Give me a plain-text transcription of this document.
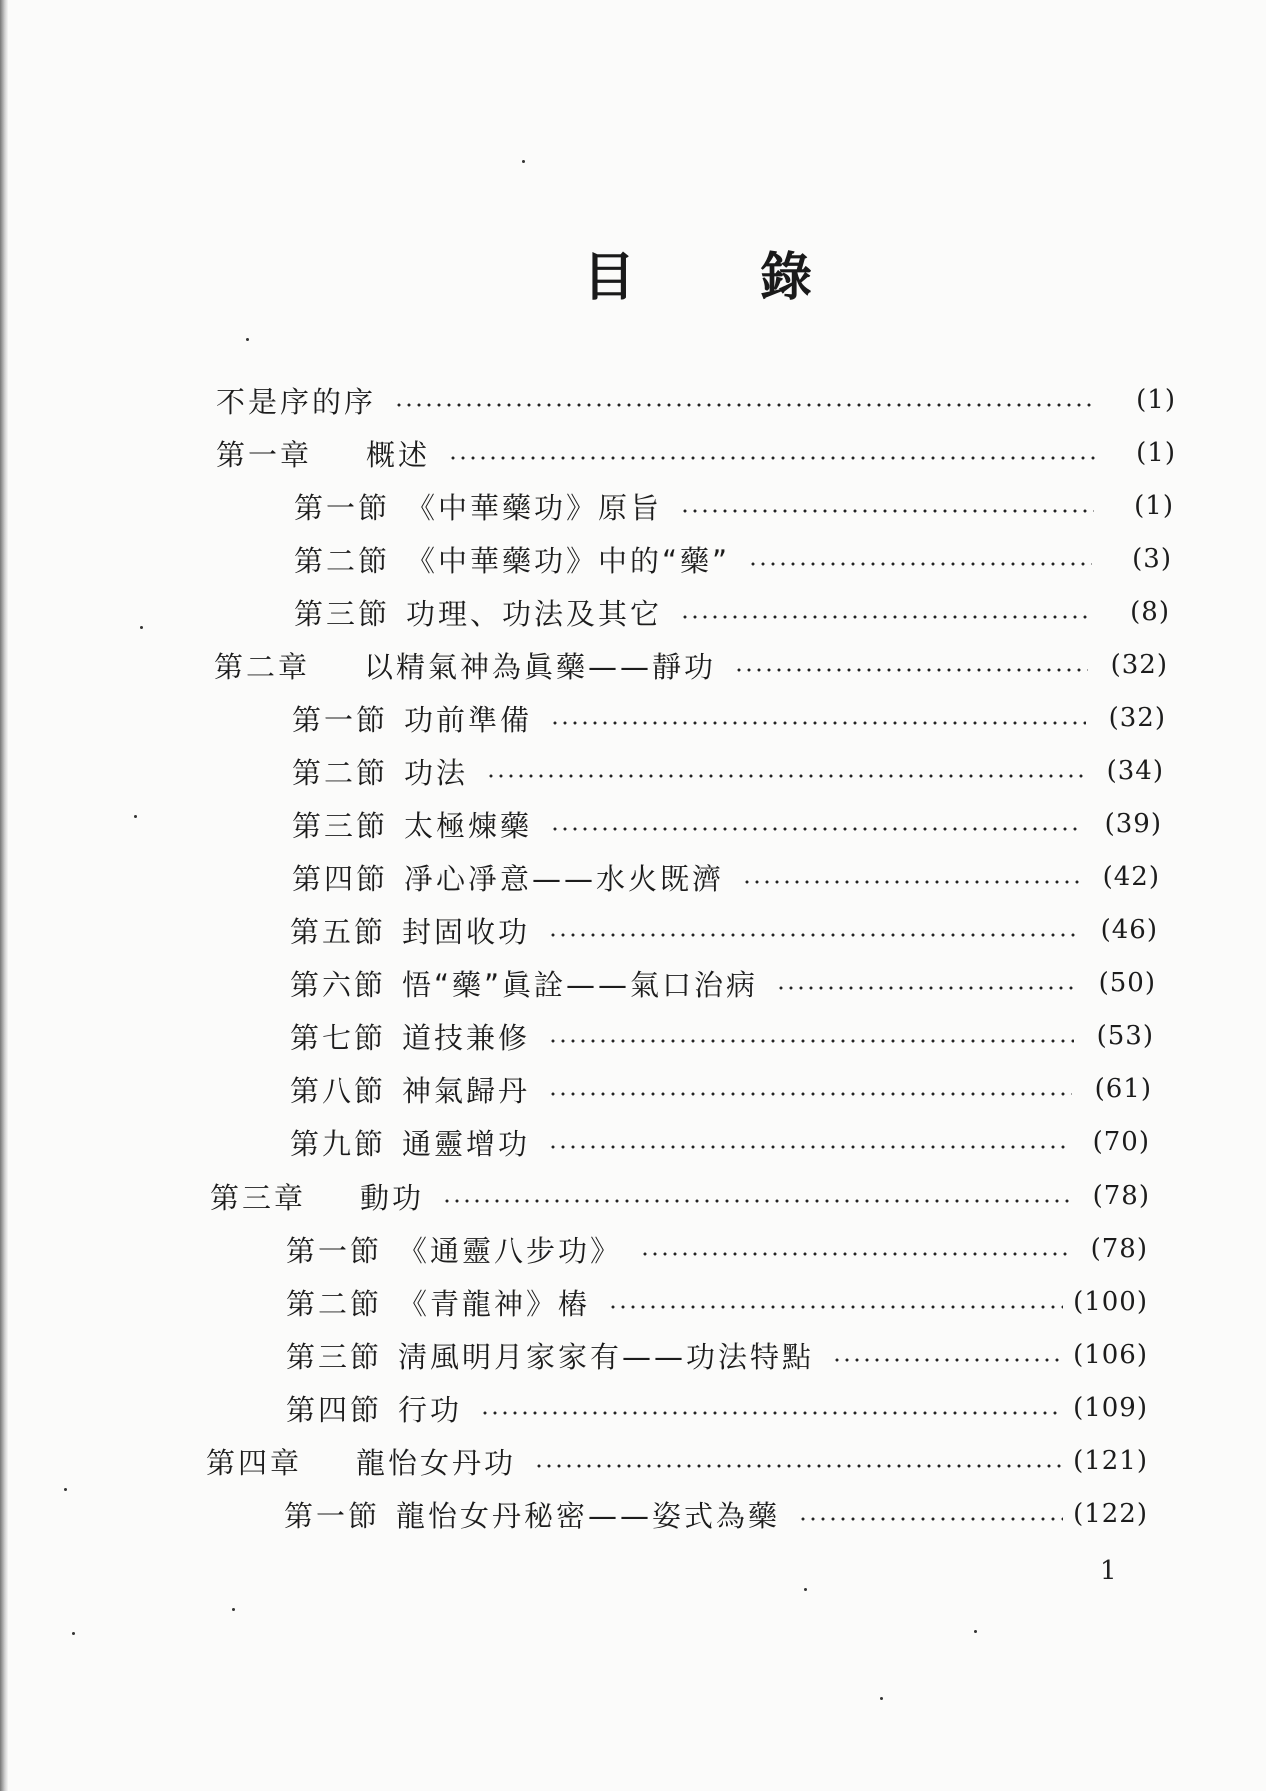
目 錄
不是序的序	(1)
第一章	概述	(1)
第一節 《中華藥功》原旨	(1)
第二節 《中華藥功》中的“藥”	(3)
第三節 功理、功法及其它	(8)
第二章	以精氣神為眞藥——靜功	(32)
第一節 功前準備	(32)
第二節 功法	(34)
第三節 太極煉藥	(39)
第四節 凈心凈意——水火既濟	(42)
第五節 封固收功	(46)
第六節 悟“藥”眞詮——氣口治病	(50)
第七節 道技兼修	(53)
第八節 神氣歸丹	(61)
第九節 通靈增功	(70)
第三章	動功	(78)
第一節 《通靈八步功》	(78)
第二節 《青龍神》樁	(100)
第三節 淸風明月家家有——功法特點	(106)
第四節 行功	(109)
第四章	龍怡女丹功	(121)
第一節 龍怡女丹秘密——姿式為藥	(122)
1
